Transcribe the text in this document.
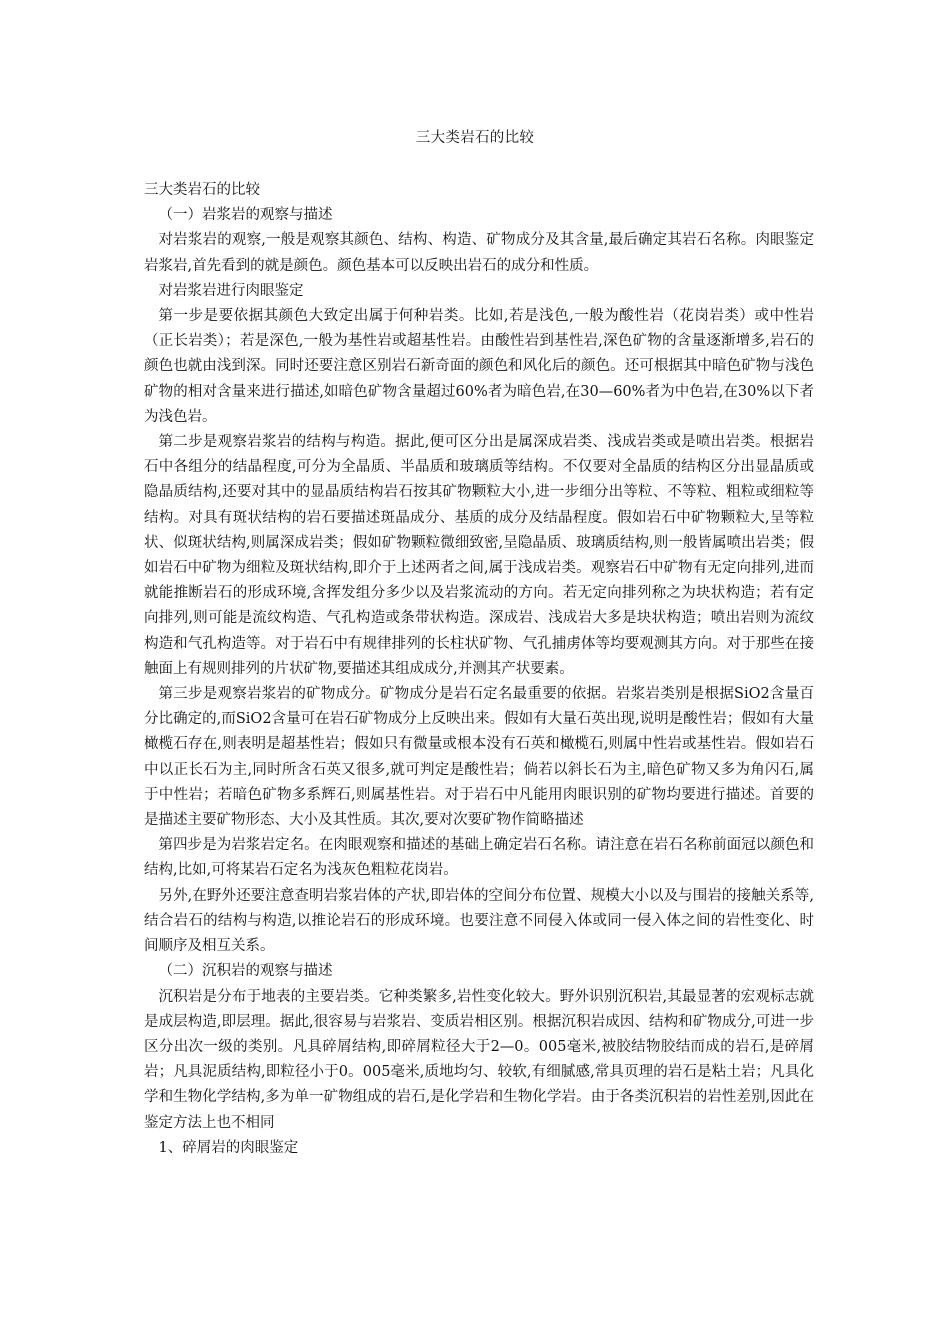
三大类岩石的比较

三大类岩石的比较

（一）岩浆岩的观察与描述

对岩浆岩的观察,一般是观察其颜色、结构、构造、矿物成分及其含量,最后确定其岩石名称。肉眼鉴定岩浆岩,首先看到的就是颜色。颜色基本可以反映出岩石的成分和性质。

对岩浆岩进行肉眼鉴定

第一步是要依据其颜色大致定出属于何种岩类。比如,若是浅色,一般为酸性岩（花岗岩类）或中性岩（正长岩类）；若是深色,一般为基性岩或超基性岩。由酸性岩到基性岩,深色矿物的含量逐渐增多,岩石的颜色也就由浅到深。同时还要注意区别岩石新奇面的颜色和风化后的颜色。还可根据其中暗色矿物与浅色矿物的相对含量来进行描述,如暗色矿物含量超过60%者为暗色岩,在30—60%者为中色岩,在30%以下者为浅色岩。

第二步是观察岩浆岩的结构与构造。据此,便可区分出是属深成岩类、浅成岩类或是喷出岩类。根据岩石中各组分的结晶程度,可分为全晶质、半晶质和玻璃质等结构。不仅要对全晶质的结构区分出显晶质或隐晶质结构,还要对其中的显晶质结构岩石按其矿物颗粒大小,进一步细分出等粒、不等粒、粗粒或细粒等结构。对具有斑状结构的岩石要描述斑晶成分、基质的成分及结晶程度。假如岩石中矿物颗粒大,呈等粒状、似斑状结构,则属深成岩类；假如矿物颗粒微细致密,呈隐晶质、玻璃质结构,则一般皆属喷出岩类；假如岩石中矿物为细粒及斑状结构,即介于上述两者之间,属于浅成岩类。观察岩石中矿物有无定向排列,进而就能推断岩石的形成环境,含挥发组分多少以及岩浆流动的方向。若无定向排列称之为块状构造；若有定向排列,则可能是流纹构造、气孔构造或条带状构造。深成岩、浅成岩大多是块状构造；喷出岩则为流纹构造和气孔构造等。对于岩石中有规律排列的长柱状矿物、气孔捕虏体等均要观测其方向。对于那些在接触面上有规则排列的片状矿物,要描述其组成成分,并测其产状要素。

第三步是观察岩浆岩的矿物成分。矿物成分是岩石定名最重要的依据。岩浆岩类别是根据SiO2含量百分比确定的,而SiO2含量可在岩石矿物成分上反映出来。假如有大量石英出现,说明是酸性岩；假如有大量橄榄石存在,则表明是超基性岩；假如只有微量或根本没有石英和橄榄石,则属中性岩或基性岩。假如岩石中以正长石为主,同时所含石英又很多,就可判定是酸性岩；倘若以斜长石为主,暗色矿物又多为角闪石,属于中性岩；若暗色矿物多系辉石,则属基性岩。对于岩石中凡能用肉眼识别的矿物均要进行描述。首要的是描述主要矿物形态、大小及其性质。其次,要对次要矿物作简略描述

第四步是为岩浆岩定名。在肉眼观察和描述的基础上确定岩石名称。请注意在岩石名称前面冠以颜色和结构,比如,可将某岩石定名为浅灰色粗粒花岗岩。

另外,在野外还要注意查明岩浆岩体的产状,即岩体的空间分布位置、规模大小以及与围岩的接触关系等,结合岩石的结构与构造,以推论岩石的形成环境。也要注意不同侵入体或同一侵入体之间的岩性变化、时间顺序及相互关系。

（二）沉积岩的观察与描述

沉积岩是分布于地表的主要岩类。它种类繁多,岩性变化较大。野外识别沉积岩,其最显著的宏观标志就是成层构造,即层理。据此,很容易与岩浆岩、变质岩相区别。根据沉积岩成因、结构和矿物成分,可进一步区分出次一级的类别。凡具碎屑结构,即碎屑粒径大于2—0。005毫米,被胶结物胶结而成的岩石,是碎屑岩；凡具泥质结构,即粒径小于0。005毫米,质地均匀、较软,有细腻感,常具页理的岩石是粘土岩；凡具化学和生物化学结构,多为单一矿物组成的岩石,是化学岩和生物化学岩。由于各类沉积岩的岩性差别,因此在鉴定方法上也不相同

1、碎屑岩的肉眼鉴定
